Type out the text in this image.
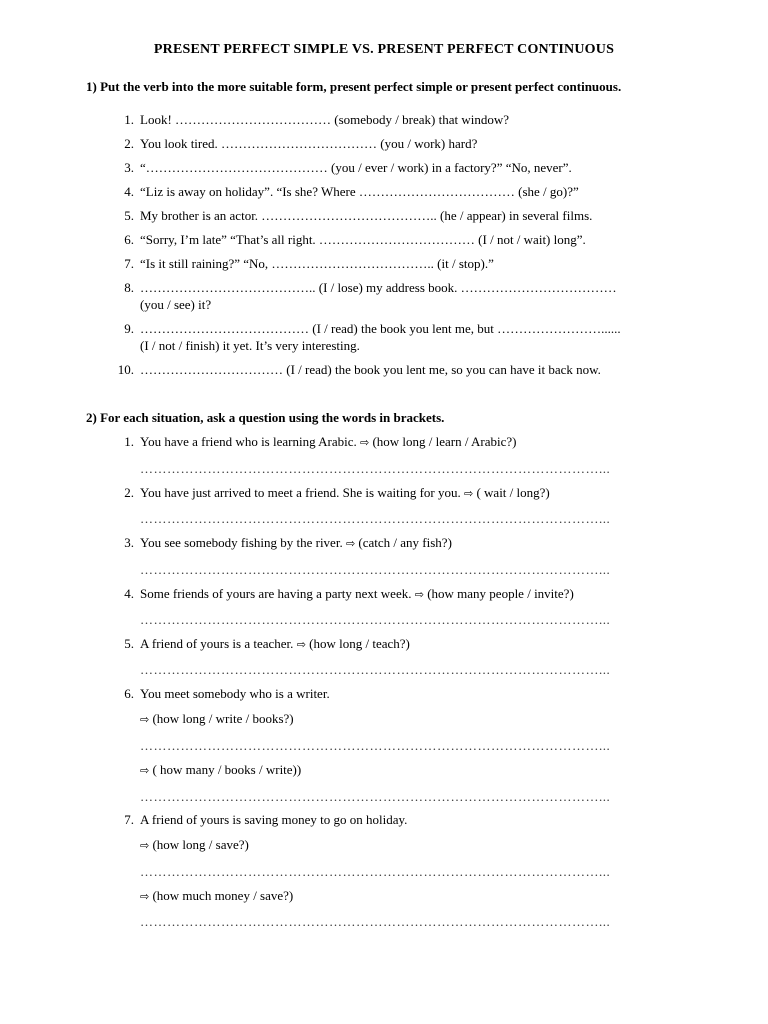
PRESENT PERFECT SIMPLE VS. PRESENT PERFECT CONTINUOUS
1) Put the verb into the more suitable form, present perfect simple or present perfect continuous.
1. Look! ……………………………… (somebody / break) that window?
2. You look tired. ……………………………… (you / work) hard?
3. “…………………………………… (you / ever / work) in a factory?” “No, never”.
4. “Liz is away on holiday”. “Is she? Where ……………………………… (she / go)?”
5. My brother is an actor. ………………………………….. (he / appear) in several films.
6. “Sorry, I’m late” “That’s all right. ……………………………… (I / not / wait) long”.
7. “Is it still raining?” “No, ……………………………….. (it / stop).”
8. ………………………………….. (I / lose) my address book. ………………………………
(you / see) it?
9. ………………………………… (I / read) the book you lent me, but ……………………......
(I / not / finish) it yet. It’s very interesting.
10. …………………………… (I / read) the book you lent me, so you can have it back now.
2) For each situation, ask a question using the words in brackets.
1. You have a friend who is learning Arabic. ⇨ (how long / learn / Arabic?)
…………………………………………………………………………………………...
2. You have just arrived to meet a friend. She is waiting for you. ⇨ ( wait / long?)
…………………………………………………………………………………………...
3. You see somebody fishing by the river. ⇨ (catch / any fish?)
…………………………………………………………………………………………...
4. Some friends of yours are having a party next week. ⇨ (how many people / invite?)
…………………………………………………………………………………………...
5. A friend of yours is a teacher. ⇨ (how long / teach?)
…………………………………………………………………………………………...
6. You meet somebody who is a writer.
⇨ (how long / write / books?)
…………………………………………………………………………………………...
⇨ ( how many / books / write))
…………………………………………………………………………………………...
7. A friend of yours is saving money to go on holiday.
⇨ (how long / save?)
…………………………………………………………………………………………...
⇨ (how much money / save?)
…………………………………………………………………………………………...
